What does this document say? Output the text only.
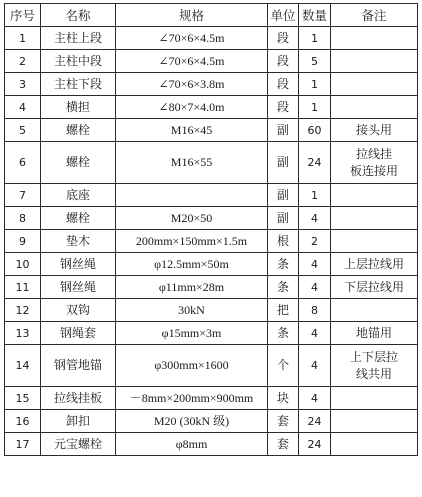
序号	名称	规格	单位	数量	备注
1	主柱上段	∠70×6×4.5m	段	1	
2	主柱中段	∠70×6×4.5m	段	5	
3	主柱下段	∠70×6×3.8m	段	1	
4	横担	∠80×7×4.0m	段	1	
5	螺栓	M16×45	副	60	接头用
6	螺栓	M16×55	副	24	拉线挂
板连接用
7	底座		副	1	
8	螺栓	M20×50	副	4	
9	垫木	200mm×150mm×1.5m	根	2	
10	钢丝绳	φ12.5mm×50m	条	4	上层拉线用
11	钢丝绳	φ11mm×28m	条	4	下层拉线用
12	双钩	30kN	把	8	
13	钢绳套	φ15mm×3m	条	4	地锚用
14	钢管地锚	φ300mm×1600	个	4	上下层拉
线共用
15	拉线挂板	－8mm×200mm×900mm	块	4	
16	卸扣	M20 (30kN 级)	套	24	
17	元宝螺栓	φ8mm	套	24	
